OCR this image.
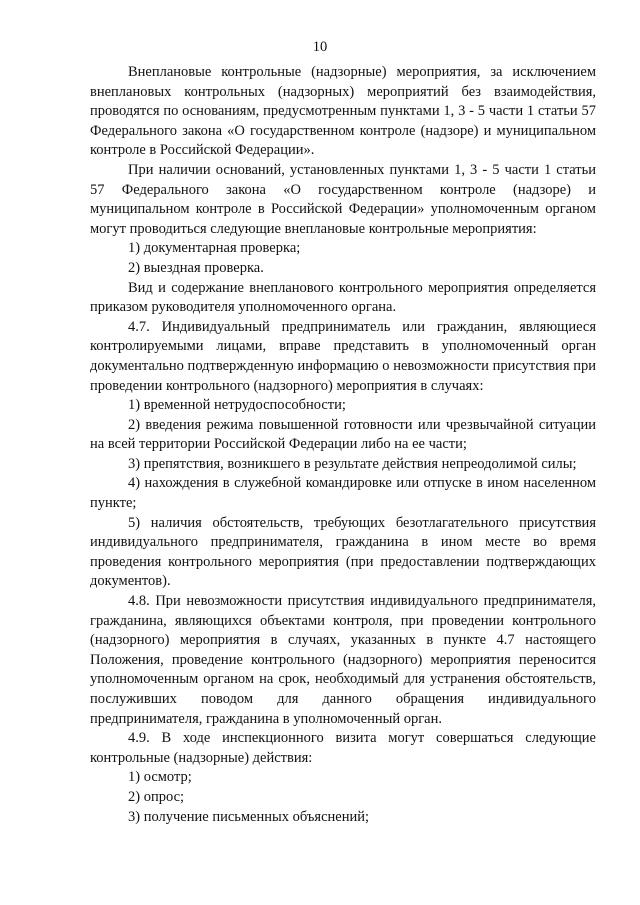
10

Внеплановые контрольные (надзорные) мероприятия, за исключением внеплановых контрольных (надзорных) мероприятий без взаимодействия, проводятся по основаниям, предусмотренным пунктами 1, 3 - 5 части 1 статьи 57 Федерального закона «О государственном контроле (надзоре) и муниципальном контроле в Российской Федерации».

При наличии оснований, установленных пунктами 1, 3 - 5 части 1 статьи 57 Федерального закона «О государственном контроле (надзоре) и муниципальном контроле в Российской Федерации» уполномоченным органом могут проводиться следующие внеплановые контрольные мероприятия:

1) документарная проверка;

2) выездная проверка.

Вид и содержание внепланового контрольного мероприятия определяется приказом руководителя уполномоченного органа.

4.7. Индивидуальный предприниматель или гражданин, являющиеся контролируемыми лицами, вправе представить в уполномоченный орган документально подтвержденную информацию о невозможности присутствия при проведении контрольного (надзорного) мероприятия в случаях:

1) временной нетрудоспособности;

2) введения режима повышенной готовности или чрезвычайной ситуации на всей территории Российской Федерации либо на ее части;

3) препятствия, возникшего в результате действия непреодолимой силы;

4) нахождения в служебной командировке или отпуске в ином населенном пункте;

5) наличия обстоятельств, требующих безотлагательного присутствия индивидуального предпринимателя, гражданина в ином месте во время проведения контрольного мероприятия (при предоставлении подтверждающих документов).

4.8. При невозможности присутствия индивидуального предпринимателя, гражданина, являющихся объектами контроля, при проведении контрольного (надзорного) мероприятия в случаях, указанных в пункте 4.7 настоящего Положения, проведение контрольного (надзорного) мероприятия переносится уполномоченным органом на срок, необходимый для устранения обстоятельств, послуживших поводом для данного обращения индивидуального предпринимателя, гражданина в уполномоченный орган.

4.9. В ходе инспекционного визита могут совершаться следующие контрольные (надзорные) действия:

1) осмотр;

2) опрос;

3) получение письменных объяснений;
